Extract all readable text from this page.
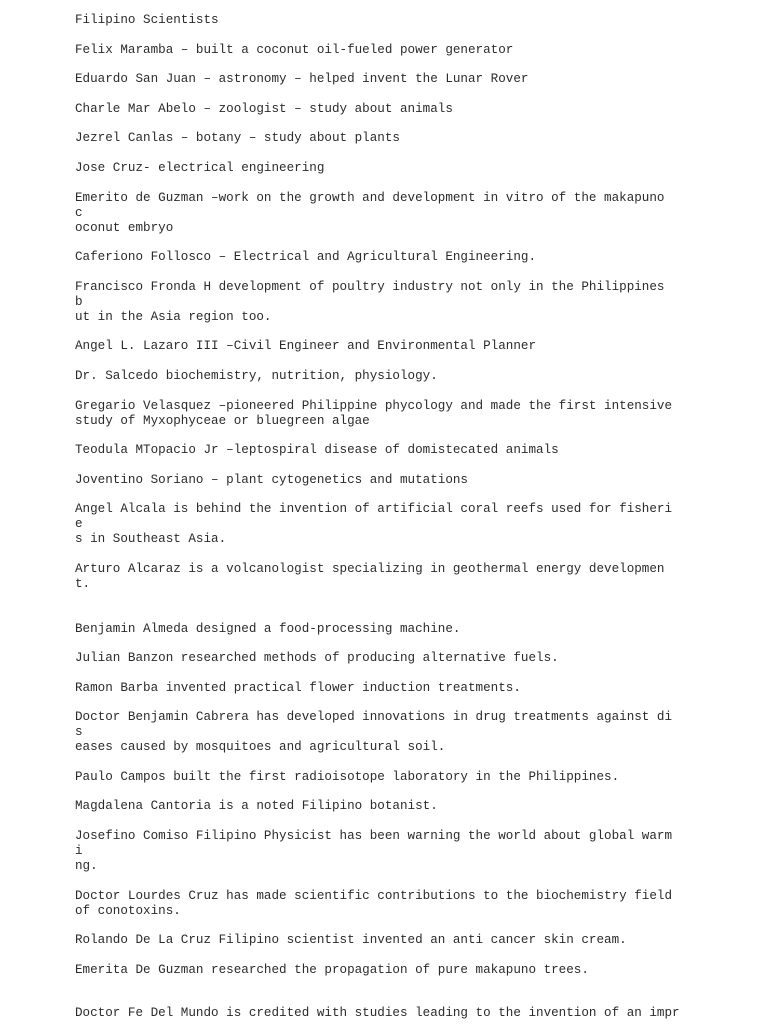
Filipino Scientists
Felix Maramba – built a coconut oil-fueled power generator
Eduardo San Juan – astronomy – helped invent the Lunar Rover
Charle Mar Abelo – zoologist – study about animals
Jezrel Canlas – botany – study about plants
Jose Cruz- electrical engineering
Emerito de Guzman –work on the growth and development in vitro of the makapuno c
oconut embryo
Caferiono Follosco – Electrical and Agricultural Engineering.
Francisco Fronda H development of poultry industry not only in the Philippines b
ut in the Asia region too.
Angel L. Lazaro III –Civil Engineer and Environmental Planner
Dr. Salcedo biochemistry, nutrition, physiology.
Gregario Velasquez –pioneered Philippine phycology and made the first intensive
study of Myxophyceae or bluegreen algae
Teodula MTopacio Jr –leptospiral disease of domistecated animals
Joventino Soriano – plant cytogenetics and mutations
Angel Alcala is behind the invention of artificial coral reefs used for fisherie
s in Southeast Asia.
Arturo Alcaraz is a volcanologist specializing in geothermal energy development.
Benjamin Almeda designed a food-processing machine.
Julian Banzon researched methods of producing alternative fuels.
Ramon Barba invented practical flower induction treatments.
Doctor Benjamin Cabrera has developed innovations in drug treatments against dis
eases caused by mosquitoes and agricultural soil.
Paulo Campos built the first radioisotope laboratory in the Philippines.
Magdalena Cantoria is a noted Filipino botanist.
Josefino Comiso Filipino Physicist has been warning the world about global warmi
ng.
Doctor Lourdes Cruz has made scientific contributions to the biochemistry field
of conotoxins.
Rolando De La Cruz Filipino scientist invented an anti cancer skin cream.
Emerita De Guzman researched the propagation of pure makapuno trees.
Doctor Fe Del Mundo is credited with studies leading to the invention of an impr
